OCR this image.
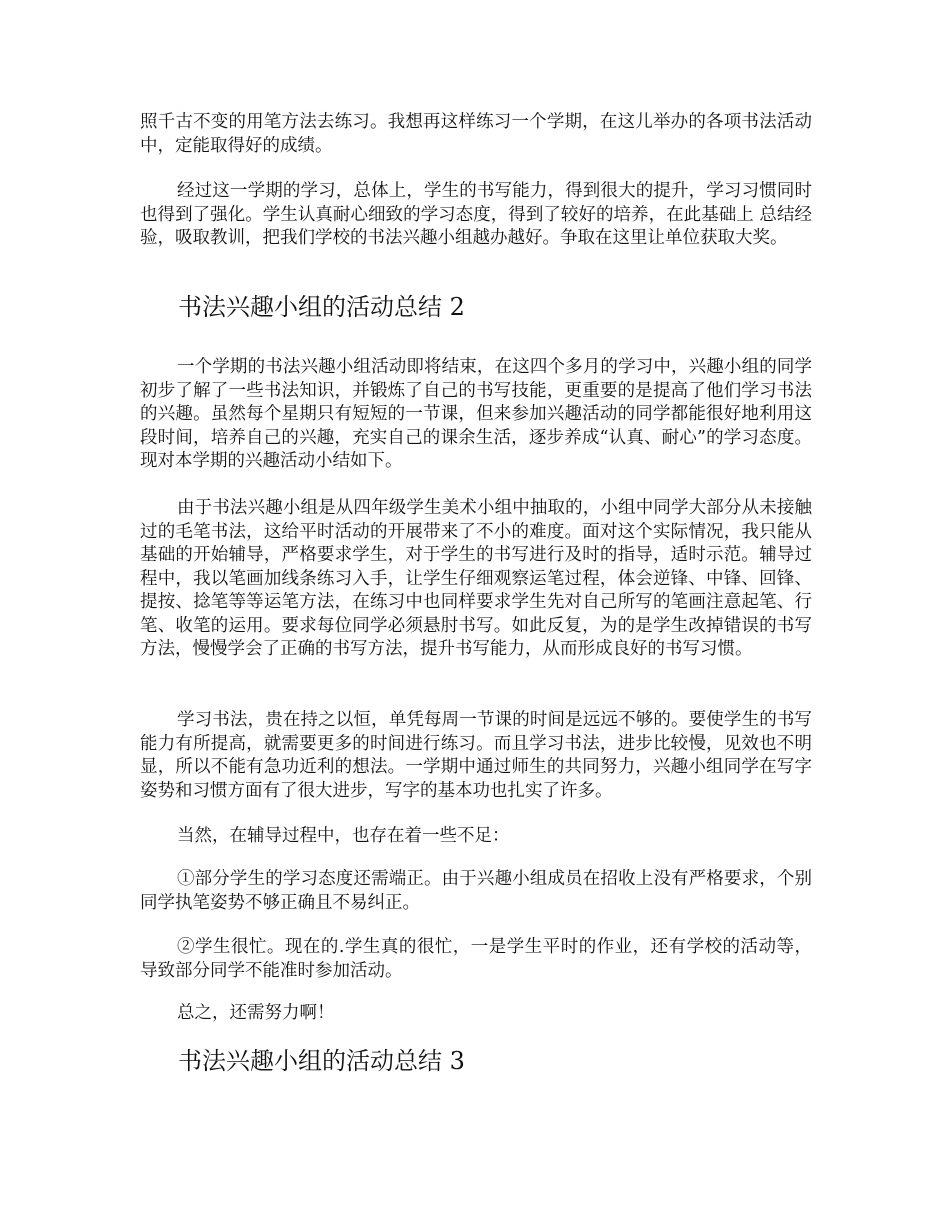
照千古不变的用笔方法去练习。我想再这样练习一个学期，在这儿举办的各项书法活动中，定能取得好的成绩。

经过这一学期的学习，总体上，学生的书写能力，得到很大的提升，学习习惯同时也得到了强化。学生认真耐心细致的学习态度，得到了较好的培养，在此基础上 总结经验，吸取教训，把我们学校的书法兴趣小组越办越好。争取在这里让单位获取大奖。

书法兴趣小组的活动总结 2

一个学期的书法兴趣小组活动即将结束，在这四个多月的学习中，兴趣小组的同学初步了解了一些书法知识，并锻炼了自己的书写技能，更重要的是提高了他们学习书法的兴趣。虽然每个星期只有短短的一节课，但来参加兴趣活动的同学都能很好地利用这段时间，培养自己的兴趣，充实自己的课余生活，逐步养成“认真、耐心”的学习态度。现对本学期的兴趣活动小结如下。

由于书法兴趣小组是从四年级学生美术小组中抽取的，小组中同学大部分从未接触过的毛笔书法，这给平时活动的开展带来了不小的难度。面对这个实际情况，我只能从基础的开始辅导，严格要求学生，对于学生的书写进行及时的指导，适时示范。辅导过程中，我以笔画加线条练习入手，让学生仔细观察运笔过程，体会逆锋、中锋、回锋、提按、捻笔等等运笔方法，在练习中也同样要求学生先对自己所写的笔画注意起笔、行笔、收笔的运用。要求每位同学必须悬肘书写。如此反复，为的是学生改掉错误的书写方法，慢慢学会了正确的书写方法，提升书写能力，从而形成良好的书写习惯。

学习书法，贵在持之以恒，单凭每周一节课的时间是远远不够的。要使学生的书写能力有所提高，就需要更多的时间进行练习。而且学习书法，进步比较慢，见效也不明显，所以不能有急功近利的想法。一学期中通过师生的共同努力，兴趣小组同学在写字姿势和习惯方面有了很大进步，写字的基本功也扎实了许多。

当然，在辅导过程中，也存在着一些不足：

①部分学生的学习态度还需端正。由于兴趣小组成员在招收上没有严格要求，个别同学执笔姿势不够正确且不易纠正。

②学生很忙。现在的.学生真的很忙，一是学生平时的作业，还有学校的活动等，导致部分同学不能准时参加活动。

总之，还需努力啊！

书法兴趣小组的活动总结 3
